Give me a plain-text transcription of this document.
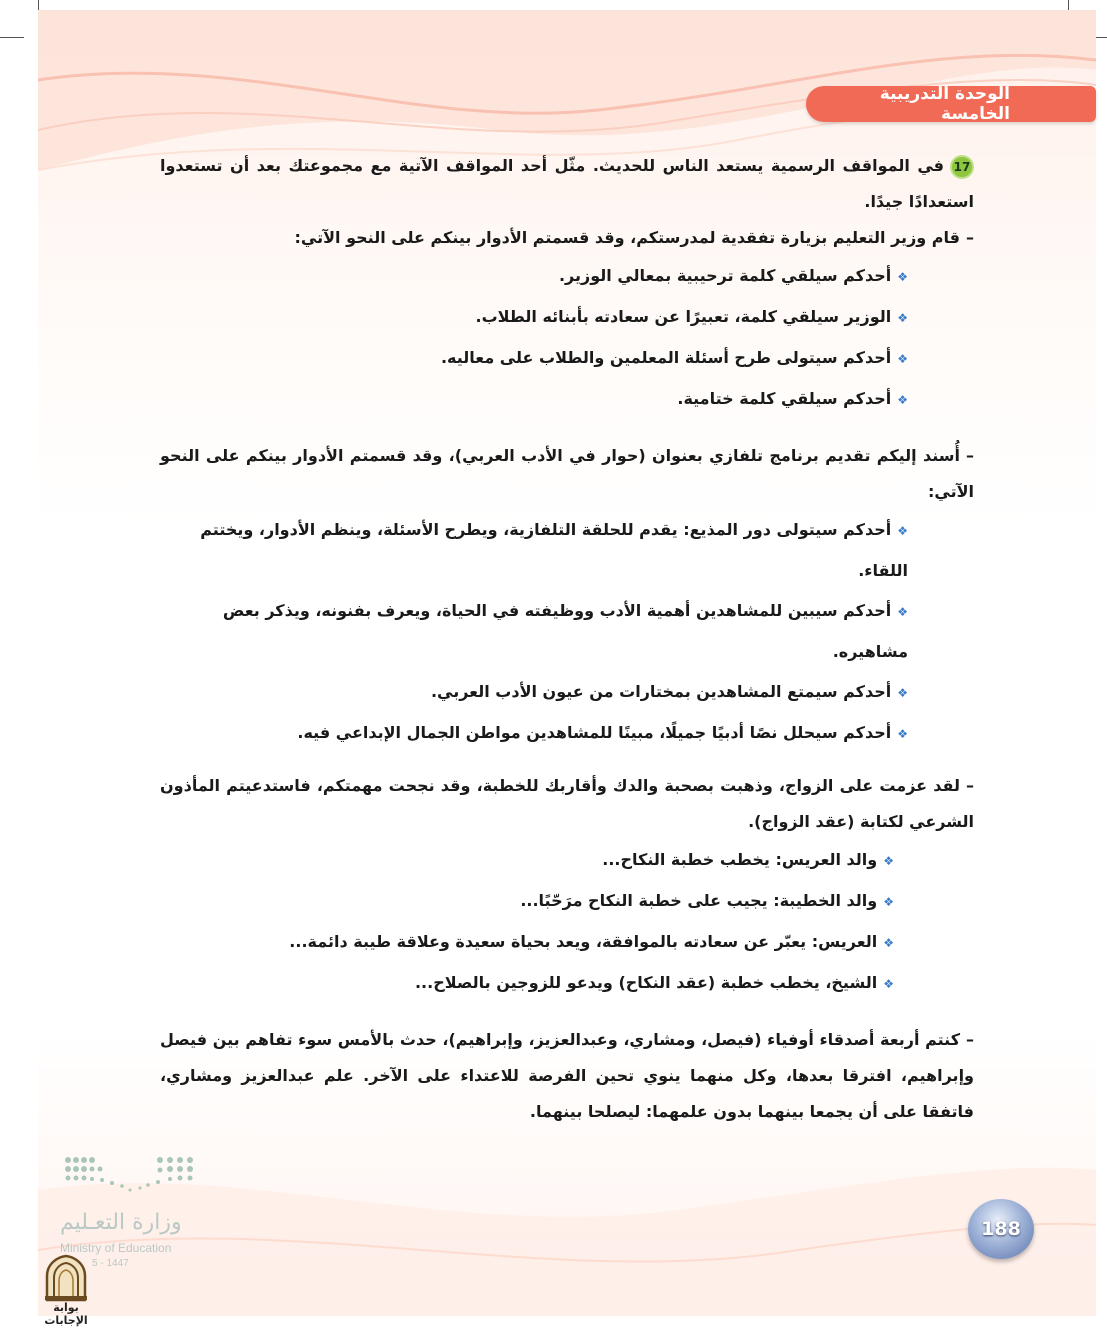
الوحدة التدريبية الخامسة

17في المواقف الرسمية يستعد الناس للحديث. مثّل أحد المواقف الآتية مع مجموعتك بعد أن تستعدوا استعدادًا جيدًا.

–قام وزير التعليم بزيارة تفقدية لمدرستكم، وقد قسمتم الأدوار بينكم على النحو الآتي:

❖أحدكم سيلقي كلمة ترحيبية بمعالي الوزير.
❖الوزير سيلقي كلمة، تعبيرًا عن سعادته بأبنائه الطلاب.
❖أحدكم سيتولى طرح أسئلة المعلمين والطلاب على معاليه.
❖أحدكم سيلقي كلمة ختامية.

–أُسند إليكم تقديم برنامج تلفازي بعنوان (حوار في الأدب العربي)، وقد قسمتم الأدوار بينكم على النحو الآتي:

❖أحدكم سيتولى دور المذيع: يقدم للحلقة التلفازية، ويطرح الأسئلة، وينظم الأدوار، ويختتم اللقاء.
❖أحدكم سيبين للمشاهدين أهمية الأدب ووظيفته في الحياة، ويعرف بفنونه، ويذكر بعض مشاهيره.
❖أحدكم سيمتع المشاهدين بمختارات من عيون الأدب العربي.
❖أحدكم سيحلل نصًا أدبيًا جميلًا، مبينًا للمشاهدين مواطن الجمال الإبداعي فيه.

–لقد عزمت على الزواج، وذهبت بصحبة والدك وأقاربك للخطبة، وقد نجحت مهمتكم، فاستدعيتم المأذون الشرعي لكتابة (عقد الزواج).

❖والد العريس: يخطب خطبة النكاح...
❖والد الخطيبة: يجيب على خطبة النكاح مرَحّبًا...
❖العريس: يعبّر عن سعادته بالموافقة، ويعد بحياة سعيدة وعلاقة طيبة دائمة...
❖الشيخ، يخطب خطبة (عقد النكاح) ويدعو للزوجين بالصلاح...

–كنتم أربعة أصدقاء أوفياء (فيصل، ومشاري، وعبدالعزيز، وإبراهيم)، حدث بالأمس سوء تفاهم بين فيصل وإبراهيم، افترقا بعدها، وكل منهما ينوي تحين الفرصة للاعتداء على الآخر. علم عبدالعزيز ومشاري، فاتفقا على أن يجمعا بينهما بدون علمهما: ليصلحا بينهما.

وزارة التعـليم
Ministry of Education
5 - 1447
188
بوابة الإجابات
